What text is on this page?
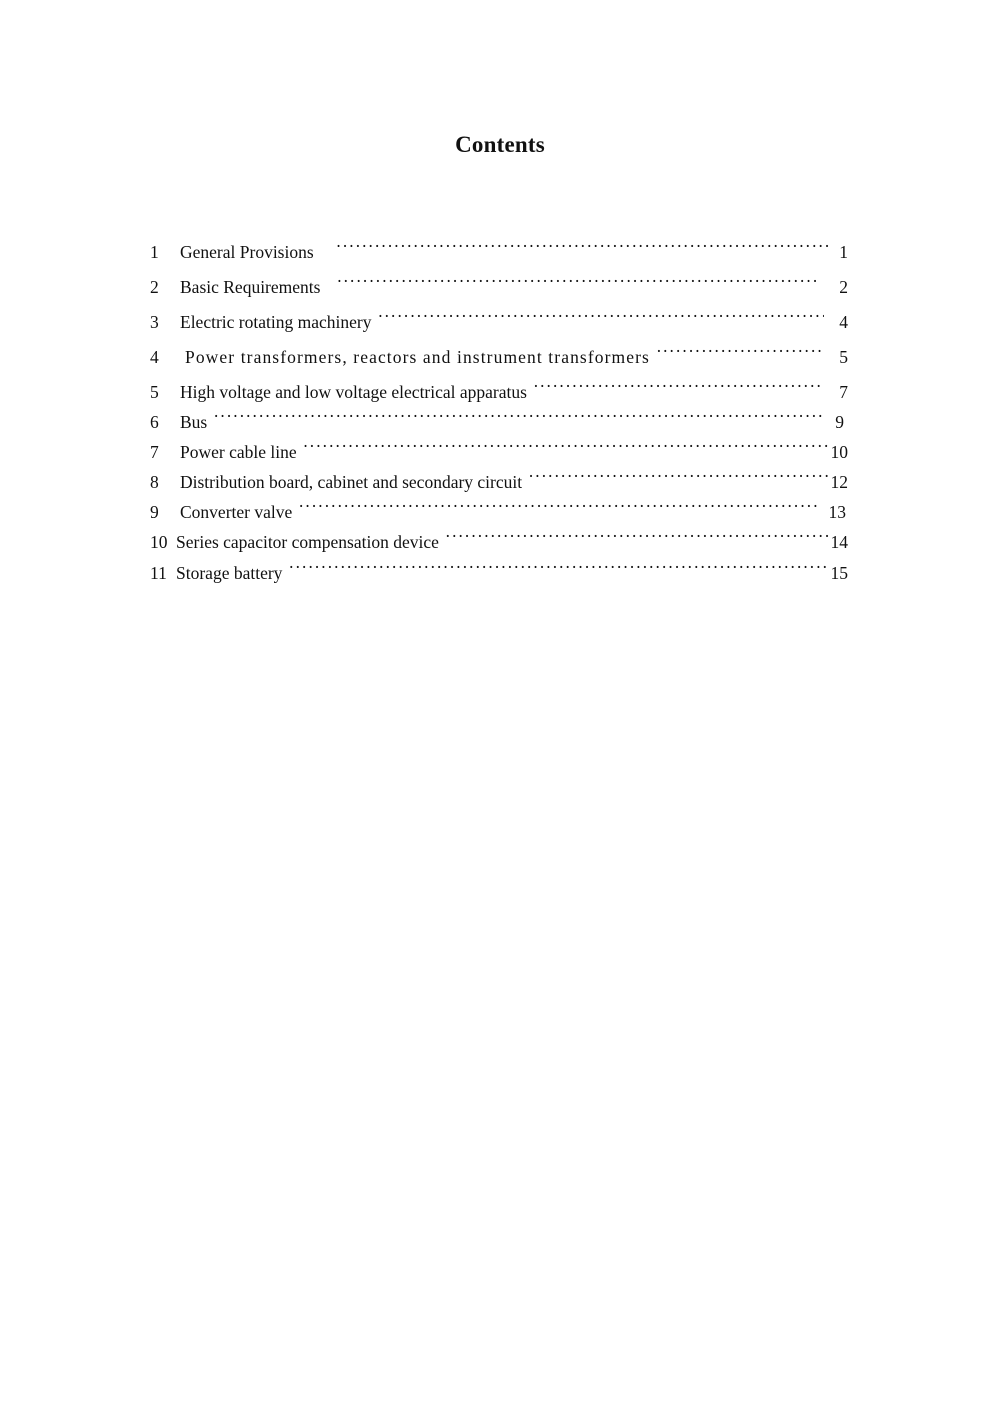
Contents
1	General Provisions ·····	1
2	Basic Requirements ·····	2
3	Electric rotating machinery ·····	4
4	Power transformers, reactors and instrument transformers ·····	5
5	High voltage and low voltage electrical apparatus ·····	7
6	Bus ·····	9
7	Power cable line ·····	10
8	Distribution board, cabinet and secondary circuit ·····	12
9	Converter valve ·····	13
10 Series capacitor compensation device ·····	14
11 Storage battery ·····	15
